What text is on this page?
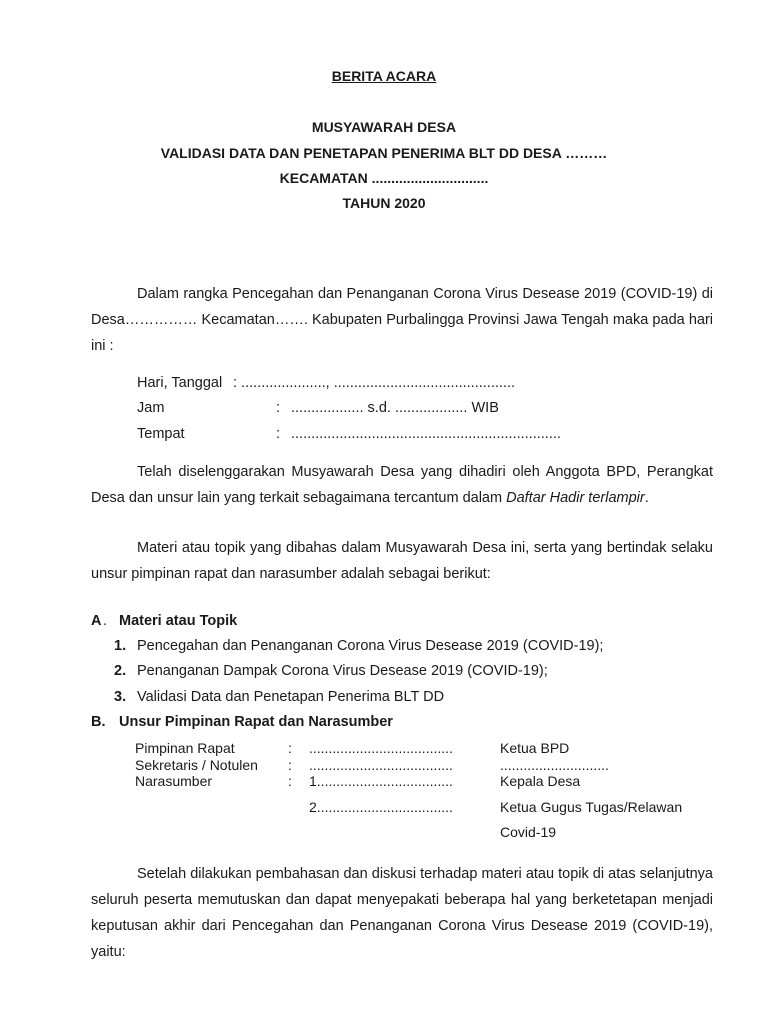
BERITA ACARA
MUSYAWARAH DESA
VALIDASI DATA DAN PENETAPAN PENERIMA BLT DD DESA ………
KECAMATAN ..............................
TAHUN 2020
Dalam rangka Pencegahan dan Penanganan Corona Virus Desease 2019 (COVID-19) di Desa…………… Kecamatan……. Kabupaten Purbalingga Provinsi Jawa Tengah maka pada hari ini :
Hari, Tanggal : ....................., .............................................
Jam	: .................. s.d. .................. WIB
Tempat	: ...................................................................
Telah diselenggarakan Musyawarah Desa yang dihadiri oleh Anggota BPD, Perangkat Desa dan unsur lain yang terkait sebagaimana tercantum dalam Daftar Hadir terlampir.
Materi atau topik yang dibahas dalam Musyawarah Desa ini, serta yang bertindak selaku unsur pimpinan rapat dan narasumber adalah sebagai berikut:
A . Materi atau Topik
1. Pencegahan dan Penanganan Corona Virus Desease 2019 (COVID-19);
2. Penanganan Dampak Corona Virus Desease 2019 (COVID-19);
3. Validasi Data dan Penetapan Penerima BLT DD
B. Unsur Pimpinan Rapat dan Narasumber
Pimpinan Rapat	: .....................................	Ketua BPD
Sekretaris / Notulen : .....................................	............................
Narasumber	: 1...................................	Kepala Desa
2...................................	Ketua Gugus Tugas/Relawan
Covid-19
Setelah dilakukan pembahasan dan diskusi terhadap materi atau topik di atas selanjutnya seluruh peserta memutuskan dan dapat menyepakati beberapa hal yang berketetapan menjadi keputusan akhir dari Pencegahan dan Penanganan Corona Virus Desease 2019 (COVID-19), yaitu:
